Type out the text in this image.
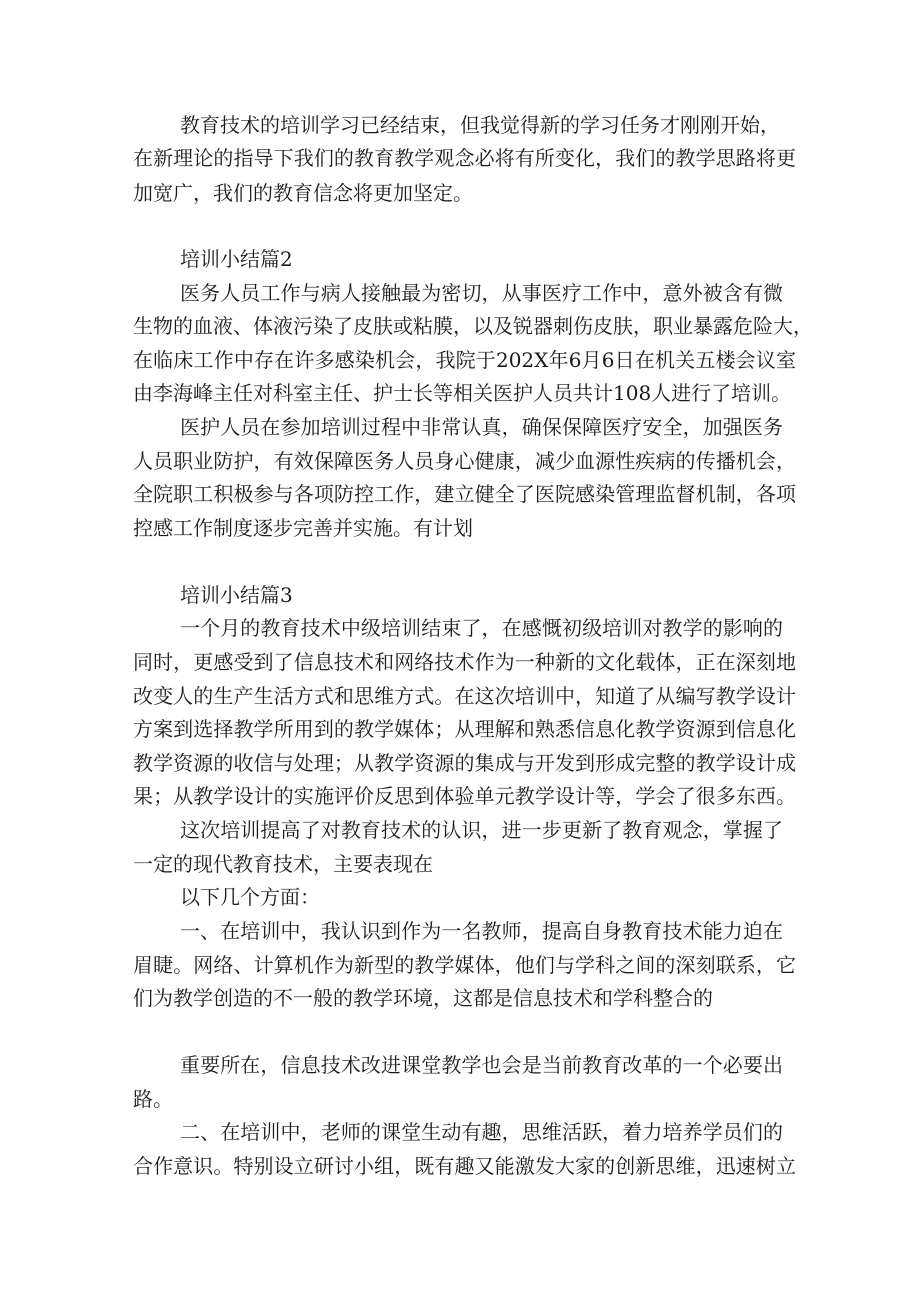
教育技术的培训学习已经结束，但我觉得新的学习任务才刚刚开始，

在新理论的指导下我们的教育教学观念必将有所变化，我们的教学思路将更

加宽广，我们的教育信念将更加坚定。

培训小结篇2

医务人员工作与病人接触最为密切，从事医疗工作中，意外被含有微

生物的血液、体液污染了皮肤或粘膜，以及锐器刺伤皮肤，职业暴露危险大，

在临床工作中存在许多感染机会，我院于202X年6月6日在机关五楼会议室

由李海峰主任对科室主任、护士长等相关医护人员共计108人进行了培训。

医护人员在参加培训过程中非常认真，确保保障医疗安全，加强医务

人员职业防护，有效保障医务人员身心健康，减少血源性疾病的传播机会，

全院职工积极参与各项防控工作，建立健全了医院感染管理监督机制，各项

控感工作制度逐步完善并实施。有计划

培训小结篇3

一个月的教育技术中级培训结束了，在感慨初级培训对教学的影响的

同时，更感受到了信息技术和网络技术作为一种新的文化载体，正在深刻地

改变人的生产生活方式和思维方式。在这次培训中，知道了从编写教学设计

方案到选择教学所用到的教学媒体；从理解和熟悉信息化教学资源到信息化

教学资源的收信与处理；从教学资源的集成与开发到形成完整的教学设计成

果；从教学设计的实施评价反思到体验单元教学设计等，学会了很多东西。

这次培训提高了对教育技术的认识，进一步更新了教育观念，掌握了

一定的现代教育技术，主要表现在

以下几个方面：

一、在培训中，我认识到作为一名教师，提高自身教育技术能力迫在

眉睫。网络、计算机作为新型的教学媒体，他们与学科之间的深刻联系，它

们为教学创造的不一般的教学环境，这都是信息技术和学科整合的

重要所在，信息技术改进课堂教学也会是当前教育改革的一个必要出

路。

二、在培训中，老师的课堂生动有趣，思维活跃，着力培养学员们的

合作意识。特别设立研讨小组，既有趣又能激发大家的创新思维，迅速树立
